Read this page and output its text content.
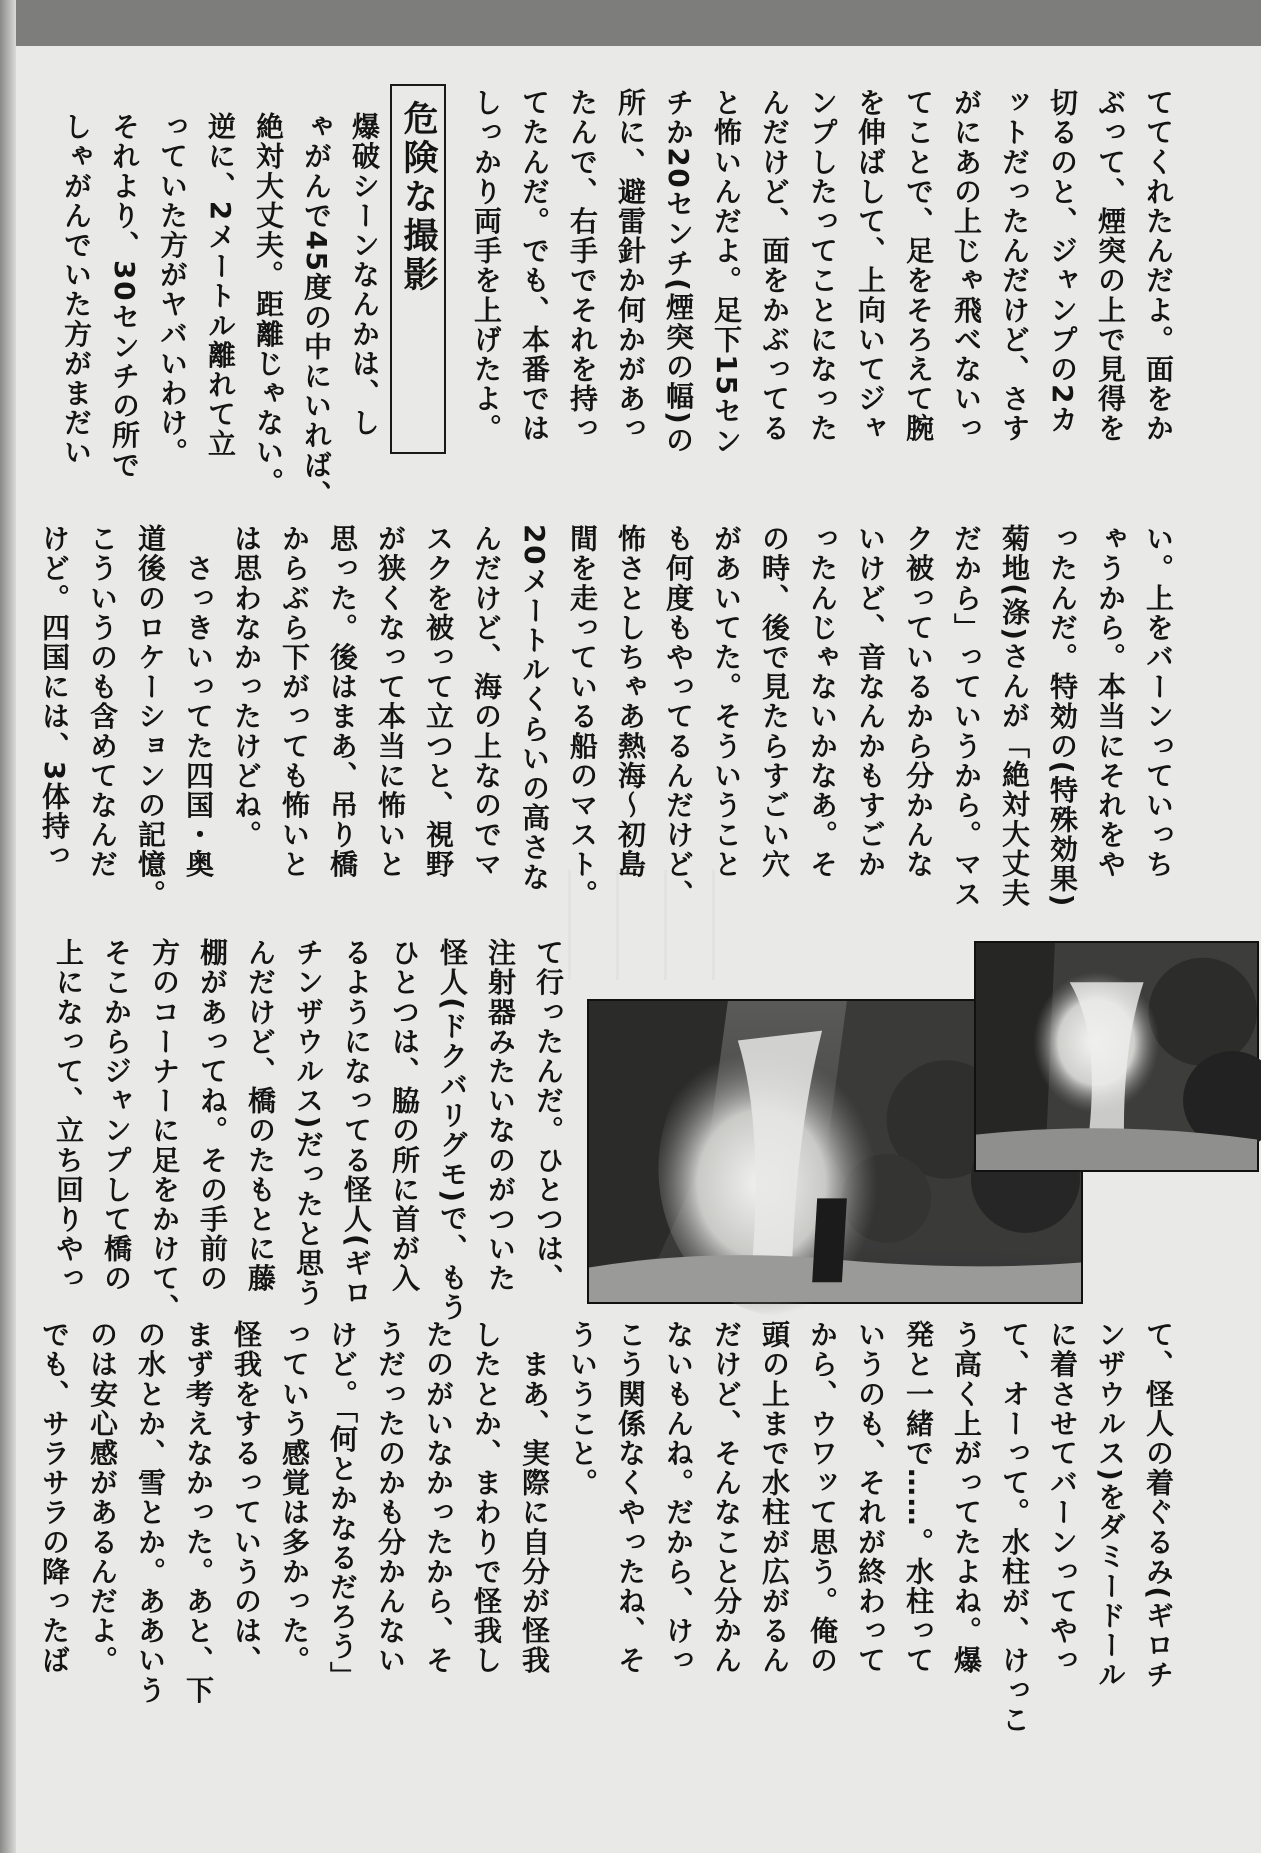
ててくれたんだよ。面をか

ぶって、煙突の上で見得を

切るのと、ジャンプの2カ

ットだったんだけど、さす

がにあの上じゃ飛べないっ

てことで、足をそろえて腕

を伸ばして、上向いてジャ

ンプしたってことになった

んだけど、面をかぶってる

と怖いんだよ。足下15セン

チか20センチ(煙突の幅)の

所に、避雷針か何かがあっ

たんで、右手でそれを持っ

てたんだ。でも、本番では

しっかり両手を上げたよ。

危険な撮影

爆破シーンなんかは、し

ゃがんで45度の中にいれば、

絶対大丈夫。距離じゃない。

逆に、2メートル離れて立

っていた方がヤバいわけ。

それより、30センチの所で

しゃがんでいた方がまだい

い。上をバーンっていっち

ゃうから。本当にそれをや

ったんだ。特効の(特殊効果)

菊地(涤)さんが「絶対大丈夫

だから」っていうから。マス

ク被っているから分かんな

いけど、音なんかもすごか

ったんじゃないかなあ。そ

の時、後で見たらすごい穴

があいてた。そういうこと

も何度もやってるんだけど、

怖さとしちゃあ熱海～初島

間を走っている船のマスト。

20メートルくらいの高さな

んだけど、海の上なのでマ

スクを被って立つと、視野

が狭くなって本当に怖いと

思った。後はまあ、吊り橋

からぶら下がっても怖いと

は思わなかったけどね。

　さっきいってた四国・奥

道後のロケーションの記憶。

こういうのも含めてなんだ

けど。四国には、3体持っ

て行ったんだ。ひとつは、

注射器みたいなのがついた

怪人(ドクバリグモ)で、もう

ひとつは、脇の所に首が入

るようになってる怪人(ギロ

チンザウルス)だったと思う

んだけど、橋のたもとに藤

棚があってね。その手前の

方のコーナーに足をかけて、

そこからジャンプして橋の

上になって、立ち回りやっ

て、怪人の着ぐるみ(ギロチ

ンザウルス)をダミードール

に着させてバーンってやっ

て、オーって。水柱が、けっこ

う高く上がってたよね。爆

発と一緒で……。水柱って

いうのも、それが終わって

から、ウワッて思う。俺の

頭の上まで水柱が広がるん

だけど、そんなこと分かん

ないもんね。だから、けっ

こう関係なくやったね、そ

ういうこと。

　まあ、実際に自分が怪我

したとか、まわりで怪我し

たのがいなかったから、そ

うだったのかも分かんない

けど。「何とかなるだろう」

っていう感覚は多かった。

怪我をするっていうのは、

まず考えなかった。あと、下

の水とか、雪とか。ああいう

のは安心感があるんだよ。

でも、サラサラの降ったば
